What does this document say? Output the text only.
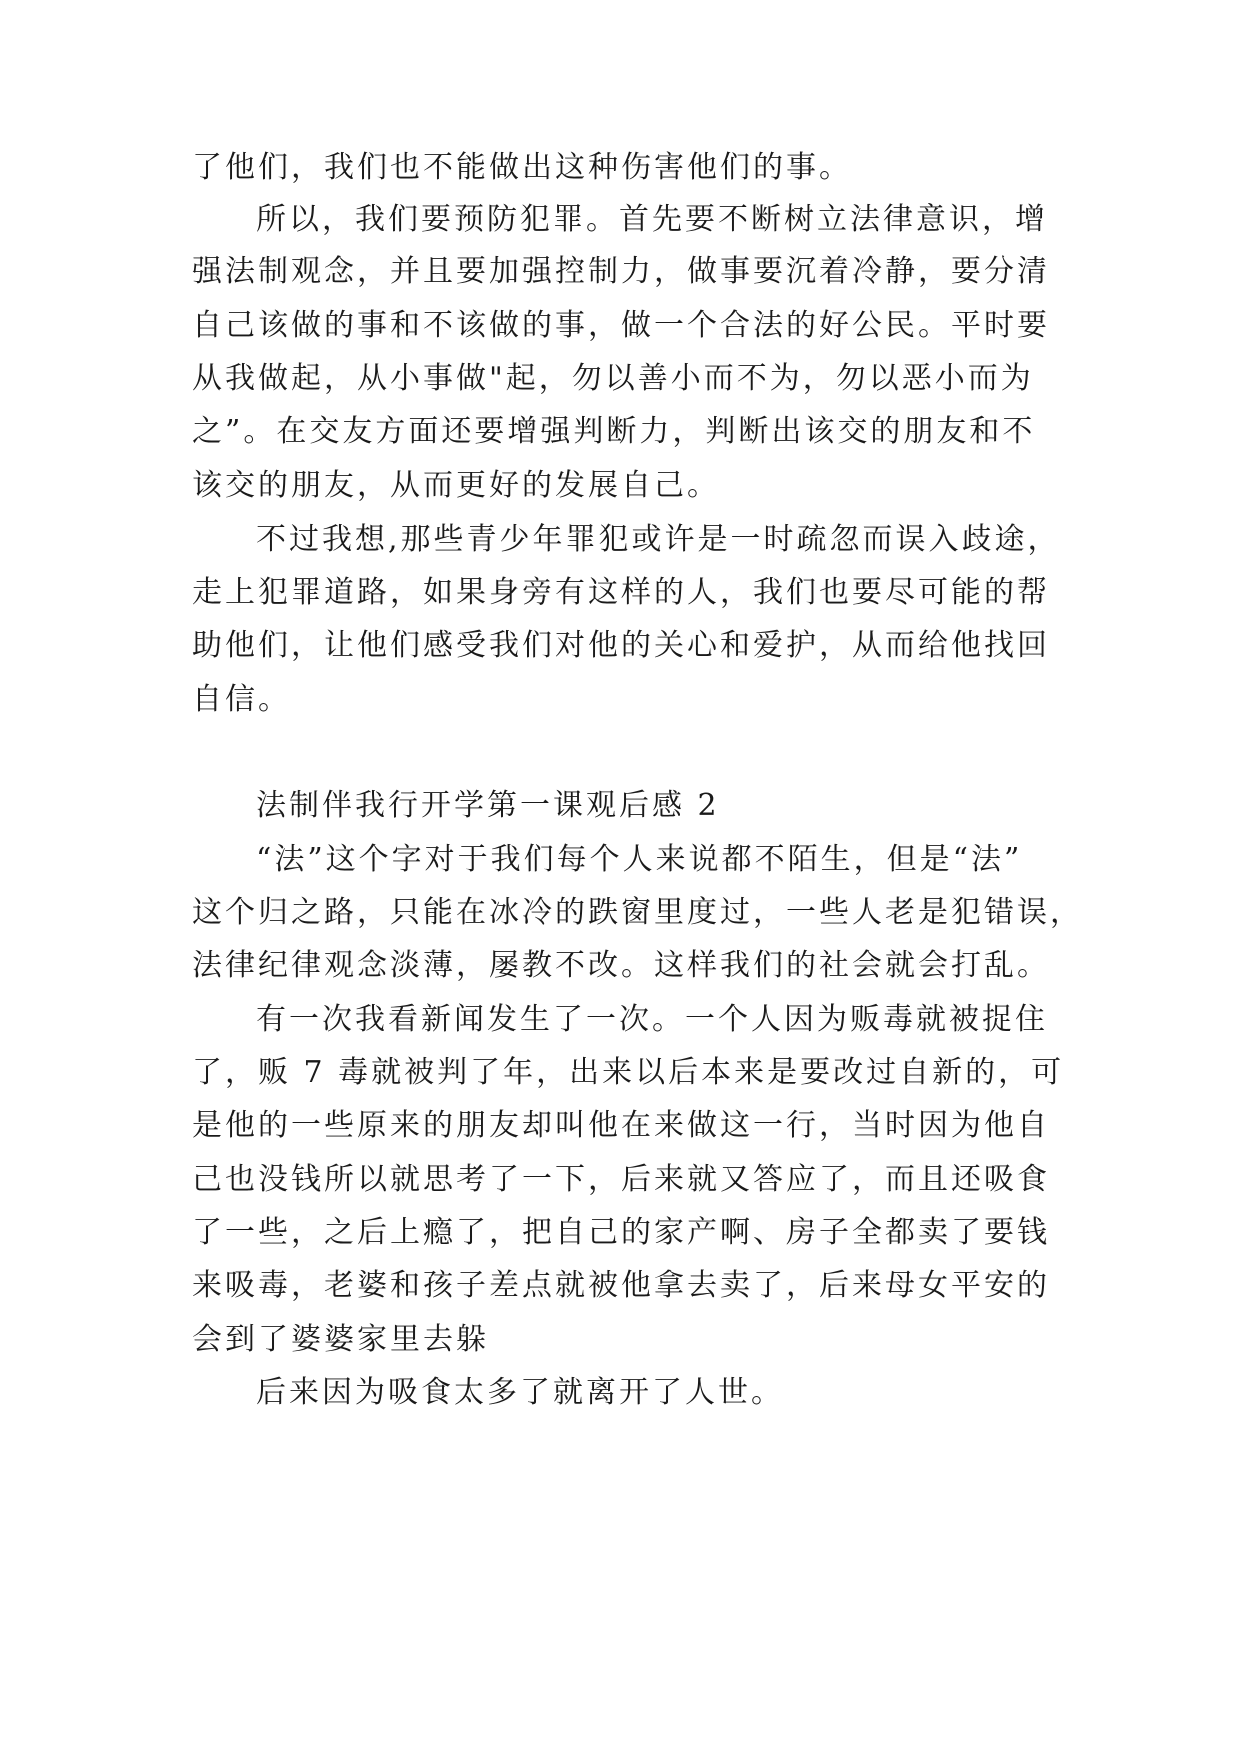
了他们，我们也不能做出这种伤害他们的事。
所以，我们要预防犯罪。首先要不断树立法律意识，增
强法制观念，并且要加强控制力，做事要沉着冷静，要分清
自己该做的事和不该做的事，做一个合法的好公民。平时要
从我做起，从小事做"起，勿以善小而不为，勿以恶小而为
之”。在交友方面还要增强判断力，判断出该交的朋友和不
该交的朋友，从而更好的发展自己。
不过我想,那些青少年罪犯或许是一时疏忽而误入歧途，
走上犯罪道路，如果身旁有这样的人，我们也要尽可能的帮
助他们，让他们感受我们对他的关心和爱护，从而给他找回
自信。
法制伴我行开学第一课观后感 2
“法”这个字对于我们每个人来说都不陌生，但是“法”
这个归之路，只能在冰冷的跌窗里度过，一些人老是犯错误，
法律纪律观念淡薄，屡教不改。这样我们的社会就会打乱。
有一次我看新闻发生了一次。一个人因为贩毒就被捉住
了，贩 7 毒就被判了年，出来以后本来是要改过自新的，可
是他的一些原来的朋友却叫他在来做这一行，当时因为他自
己也没钱所以就思考了一下，后来就又答应了，而且还吸食
了一些，之后上瘾了，把自己的家产啊、房子全都卖了要钱
来吸毒，老婆和孩子差点就被他拿去卖了，后来母女平安的
会到了婆婆家里去躲
后来因为吸食太多了就离开了人世。
